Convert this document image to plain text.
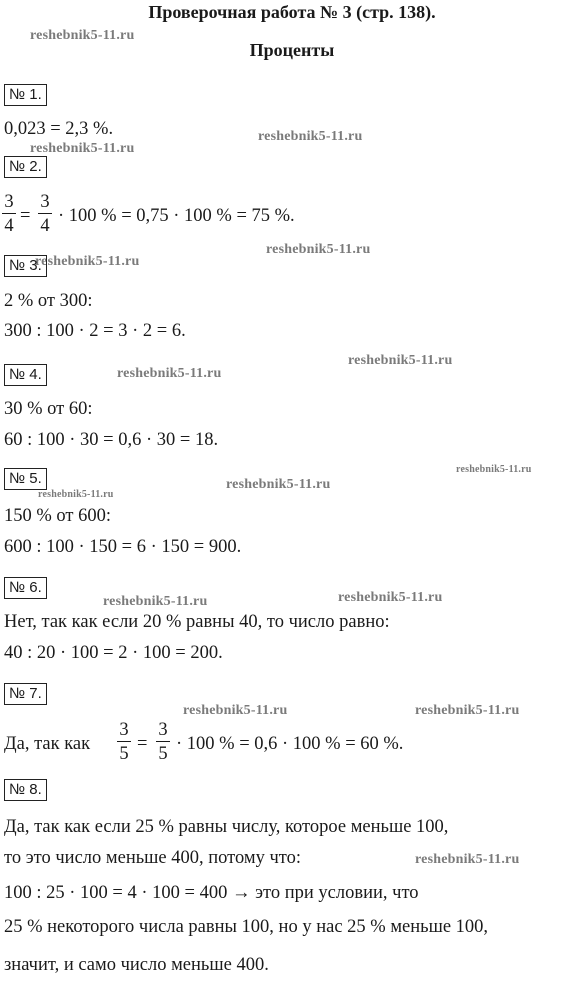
Проверочная работа № 3 (стр. 138).
Проценты
reshebnik5-11.ru
reshebnik5-11.ru
reshebnik5-11.ru
reshebnik5-11.ru
reshebnik5-11.ru
reshebnik5-11.ru
reshebnik5-11.ru
reshebnik5-11.ru
reshebnik5-11.ru
reshebnik5-11.ru
reshebnik5-11.ru
reshebnik5-11.ru
reshebnik5-11.ru	reshebnik5-11.ru
reshebnik5-11.ru
№ 1.
0,023 = 2,3 %.
№ 2.
3
4 =
3
4 · 100 % = 0,75 · 100 % = 75 %.
№ 3.
2 % от 300:
300 : 100 · 2 = 3 · 2 = 6.
№ 4.
30 % от 60:
60 : 100 · 30 = 0,6 · 30 = 18.
№ 5.
150 % от 600:
600 : 100 · 150 = 6 · 150 = 900.
№ 6.
Нет, так как если 20 % равны 40, то число равно:
40 : 20 · 100 = 2 · 100 = 200.
№ 7.
Да, так как
3
5 =
3
5 · 100 % = 0,6 · 100 % = 60 %.
№ 8.
Да, так как если 25 % равны числу, которое меньше 100,
то это число меньше 400, потому что:
100 : 25 · 100 = 4 · 100 = 400 → это при условии, что
25 % некоторого числа равны 100, но у нас 25 % меньше 100,
значит, и само число меньше 400.
